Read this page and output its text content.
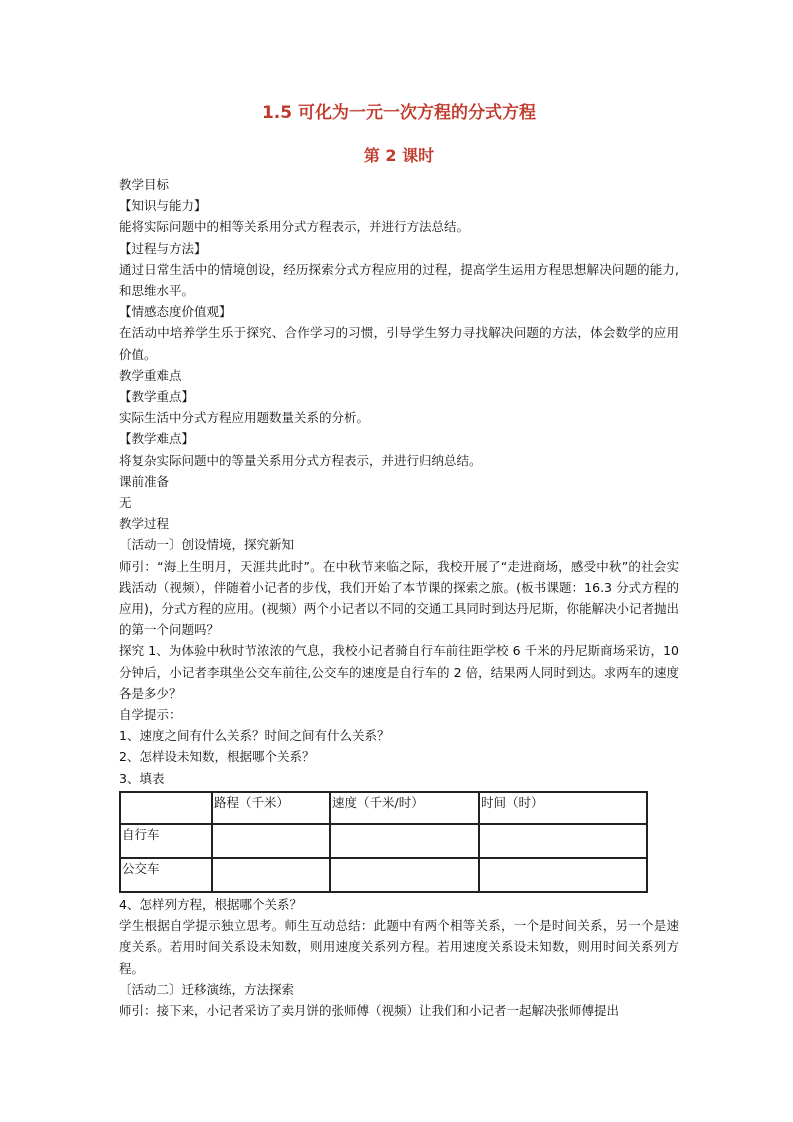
1.5 可化为一元一次方程的分式方程
第 2 课时

教学目标

【知识与能力】

能将实际问题中的相等关系用分式方程表示，并进行方法总结。

【过程与方法】

通过日常生活中的情境创设，经历探索分式方程应用的过程，提高学生运用方程思想解决问题的能力,和思维水平。

【情感态度价值观】

在活动中培养学生乐于探究、合作学习的习惯，引导学生努力寻找解决问题的方法，体会数学的应用价值。

教学重难点

【教学重点】

实际生活中分式方程应用题数量关系的分析。

【教学难点】

将复杂实际问题中的等量关系用分式方程表示，并进行归纳总结。

课前准备

无

教学过程

〔活动一〕创设情境，探究新知

师引：“海上生明月，天涯共此时”。在中秋节来临之际，我校开展了“走进商场，感受中秋”的社会实践活动（视频），伴随着小记者的步伐，我们开始了本节课的探索之旅。(板书课题：16.3 分式方程的应用)，分式方程的应用。(视频）两个小记者以不同的交通工具同时到达丹尼斯，你能解决小记者抛出的第一个问题吗？

探究 1、为体验中秋时节浓浓的气息，我校小记者骑自行车前往距学校 6 千米的丹尼斯商场采访，10 分钟后，小记者李琪坐公交车前往,公交车的速度是自行车的 2 倍，结果两人同时到达。求两车的速度各是多少？

自学提示：

1、速度之间有什么关系？时间之间有什么关系？

2、怎样设未知数，根据哪个关系？

3、填表

	路程（千米）	速度（千米/时）	时间（时）
自行车			
公交车			

4、怎样列方程，根据哪个关系？

学生根据自学提示独立思考。师生互动总结：此题中有两个相等关系，一个是时间关系，另一个是速度关系。若用时间关系设未知数，则用速度关系列方程。若用速度关系设未知数，则用时间关系列方程。

〔活动二〕迁移演练，方法探索

师引：接下来，小记者采访了卖月饼的张师傅（视频）让我们和小记者一起解决张师傅提出
